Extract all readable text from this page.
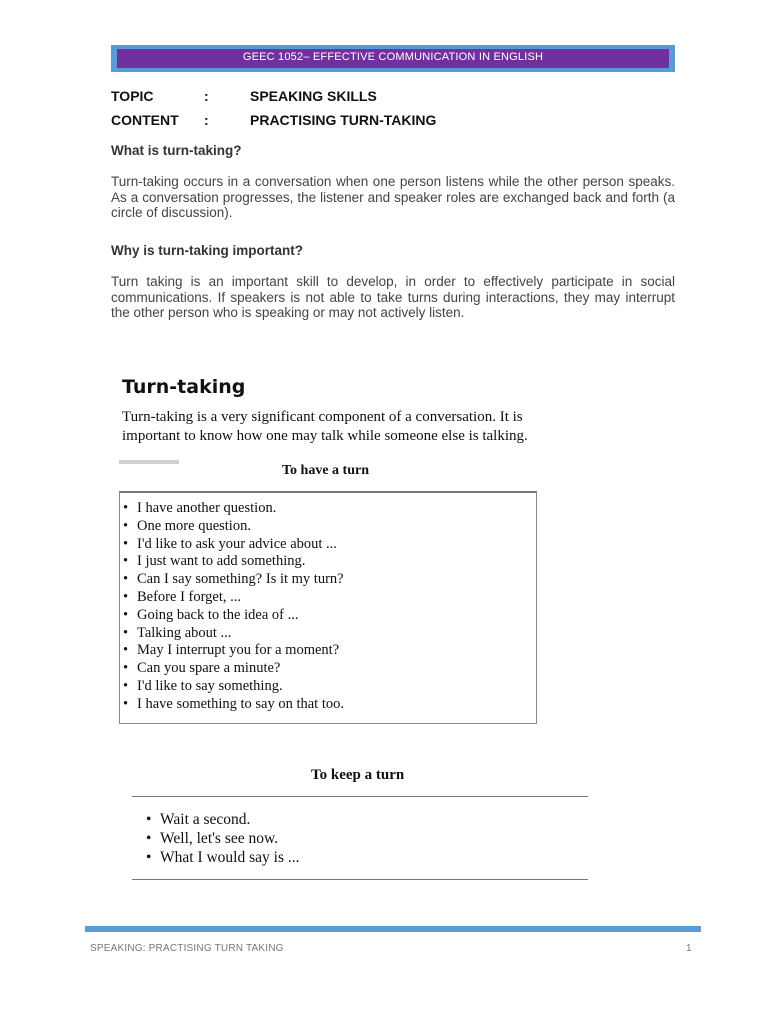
GEEC 1052– EFFECTIVE COMMUNICATION IN ENGLISH
TOPIC	:	SPEAKING SKILLS
CONTENT :	PRACTISING TURN-TAKING
What is turn-taking?
Turn-taking occurs in a conversation when one person listens while the other person speaks. As a conversation progresses, the listener and speaker roles are exchanged back and forth (a circle of discussion).
Why is turn-taking important?
Turn taking is an important skill to develop, in order to effectively participate in social communications. If speakers is not able to take turns during interactions, they may interrupt the other person who is speaking or may not actively listen.
Turn-taking
Turn-taking is a very significant component of a conversation. It is important to know how one may talk while someone else is talking.
To have a turn
• I have another question.
• One more question.
• I'd like to ask your advice about ...
• I just want to add something.
• Can I say something? Is it my turn?
• Before I forget, ...
• Going back to the idea of ...
• Talking about ...
• May I interrupt you for a moment?
• Can you spare a minute?
• I'd like to say something.
• I have something to say on that too.
To keep a turn
• Wait a second.
• Well, let's see now.
• What I would say is ...
SPEAKING: PRACTISING TURN TAKING	1
